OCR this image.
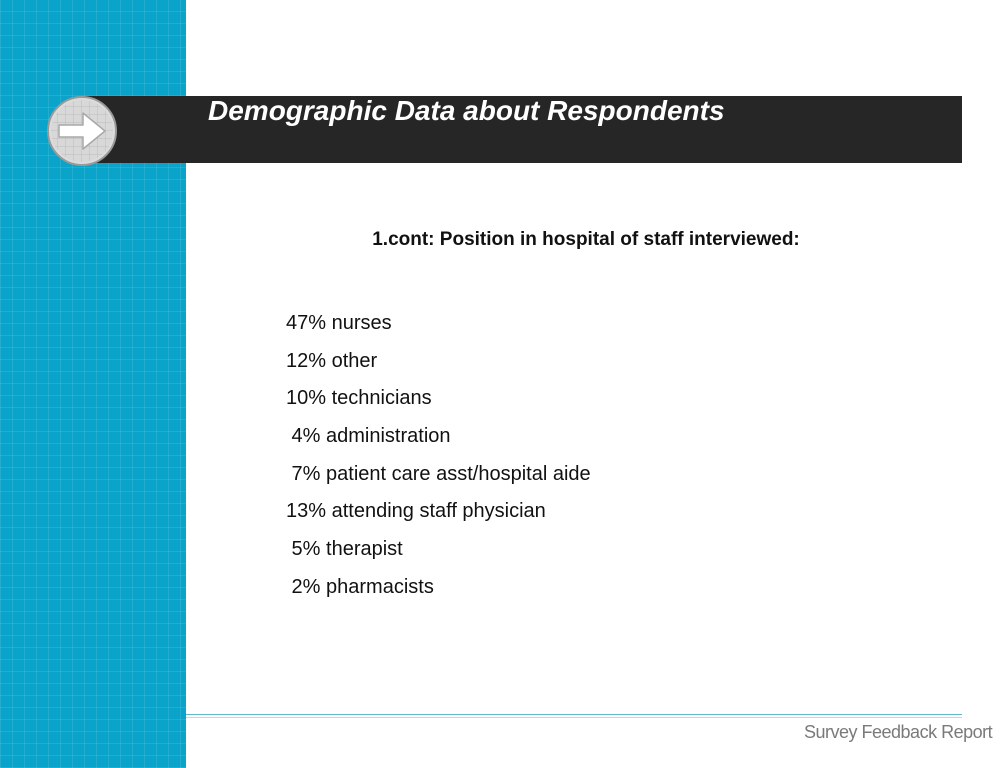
Demographic Data about Respondents
1.cont: Position in hospital of staff interviewed:
47% nurses
12% other
10% technicians
4% administration
7% patient care asst/hospital aide
13% attending staff physician
5% therapist
2% pharmacists
Survey Feedback Report
